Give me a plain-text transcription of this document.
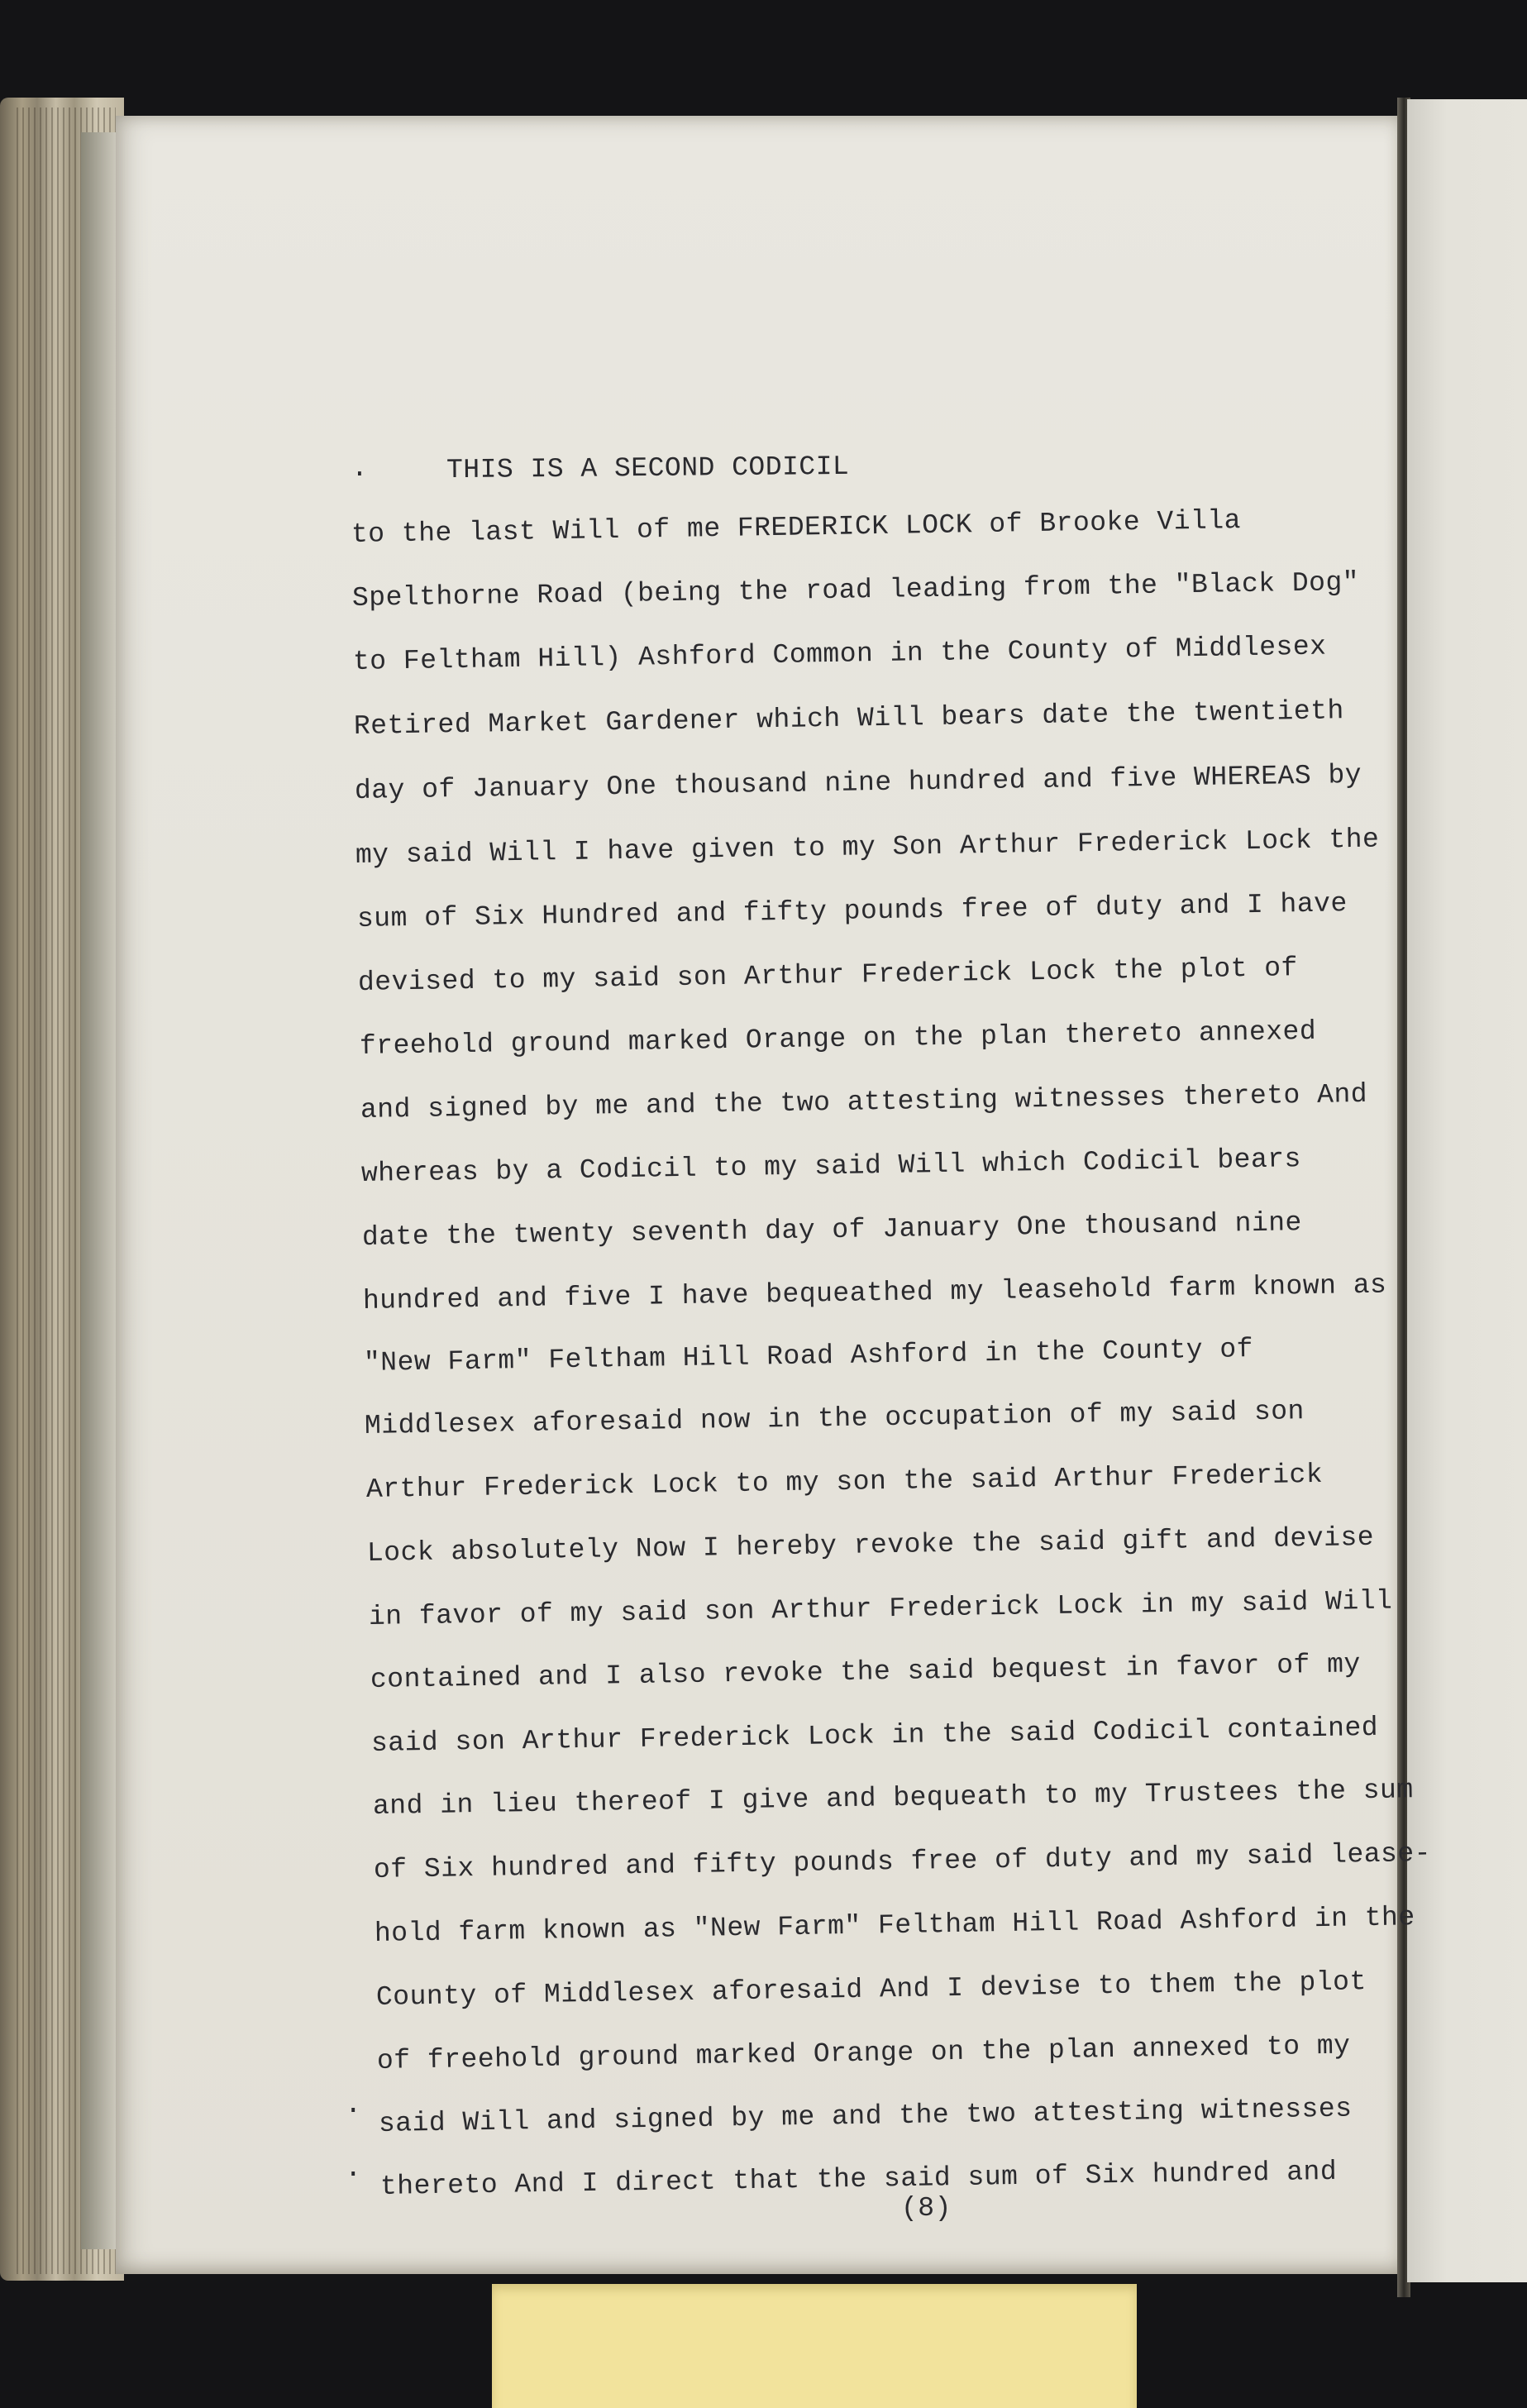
.	THIS IS A SECOND CODICIL
to the last Will of me FREDERICK LOCK of Brooke Villa
Spelthorne Road (being the road leading from the "Black Dog"
to Feltham Hill) Ashford Common in the County of Middlesex
Retired Market Gardener which Will bears date the twentieth
day of January One thousand nine hundred and five WHEREAS by
my said Will I have given to my Son Arthur Frederick Lock the
sum of Six Hundred and fifty pounds free of duty and I have
devised to my said son Arthur Frederick Lock the plot of
freehold ground marked Orange on the plan thereto annexed
and signed by me and the two attesting witnesses thereto And
whereas by a Codicil to my said Will which Codicil bears
date the twenty seventh day of January One thousand nine
hundred and five I have bequeathed my leasehold farm known as
"New Farm" Feltham Hill Road Ashford in the County of
Middlesex aforesaid now in the occupation of my said son
Arthur Frederick Lock to my son the said Arthur Frederick
Lock absolutely Now I hereby revoke the said gift and devise
in favor of my said son Arthur Frederick Lock in my said Will
contained and I also revoke the said bequest in favor of my
said son Arthur Frederick Lock in the said Codicil contained
and in lieu thereof I give and bequeath to my Trustees the sum
of Six hundred and fifty pounds free of duty and my said lease-
hold farm known as "New Farm" Feltham Hill Road Ashford in the
County of Middlesex aforesaid And I devise to them the plot
of freehold ground marked Orange on the plan annexed to my
said Will and signed by me and the two attesting witnesses
thereto And I direct that the said sum of Six hundred and
.
.
(8)
